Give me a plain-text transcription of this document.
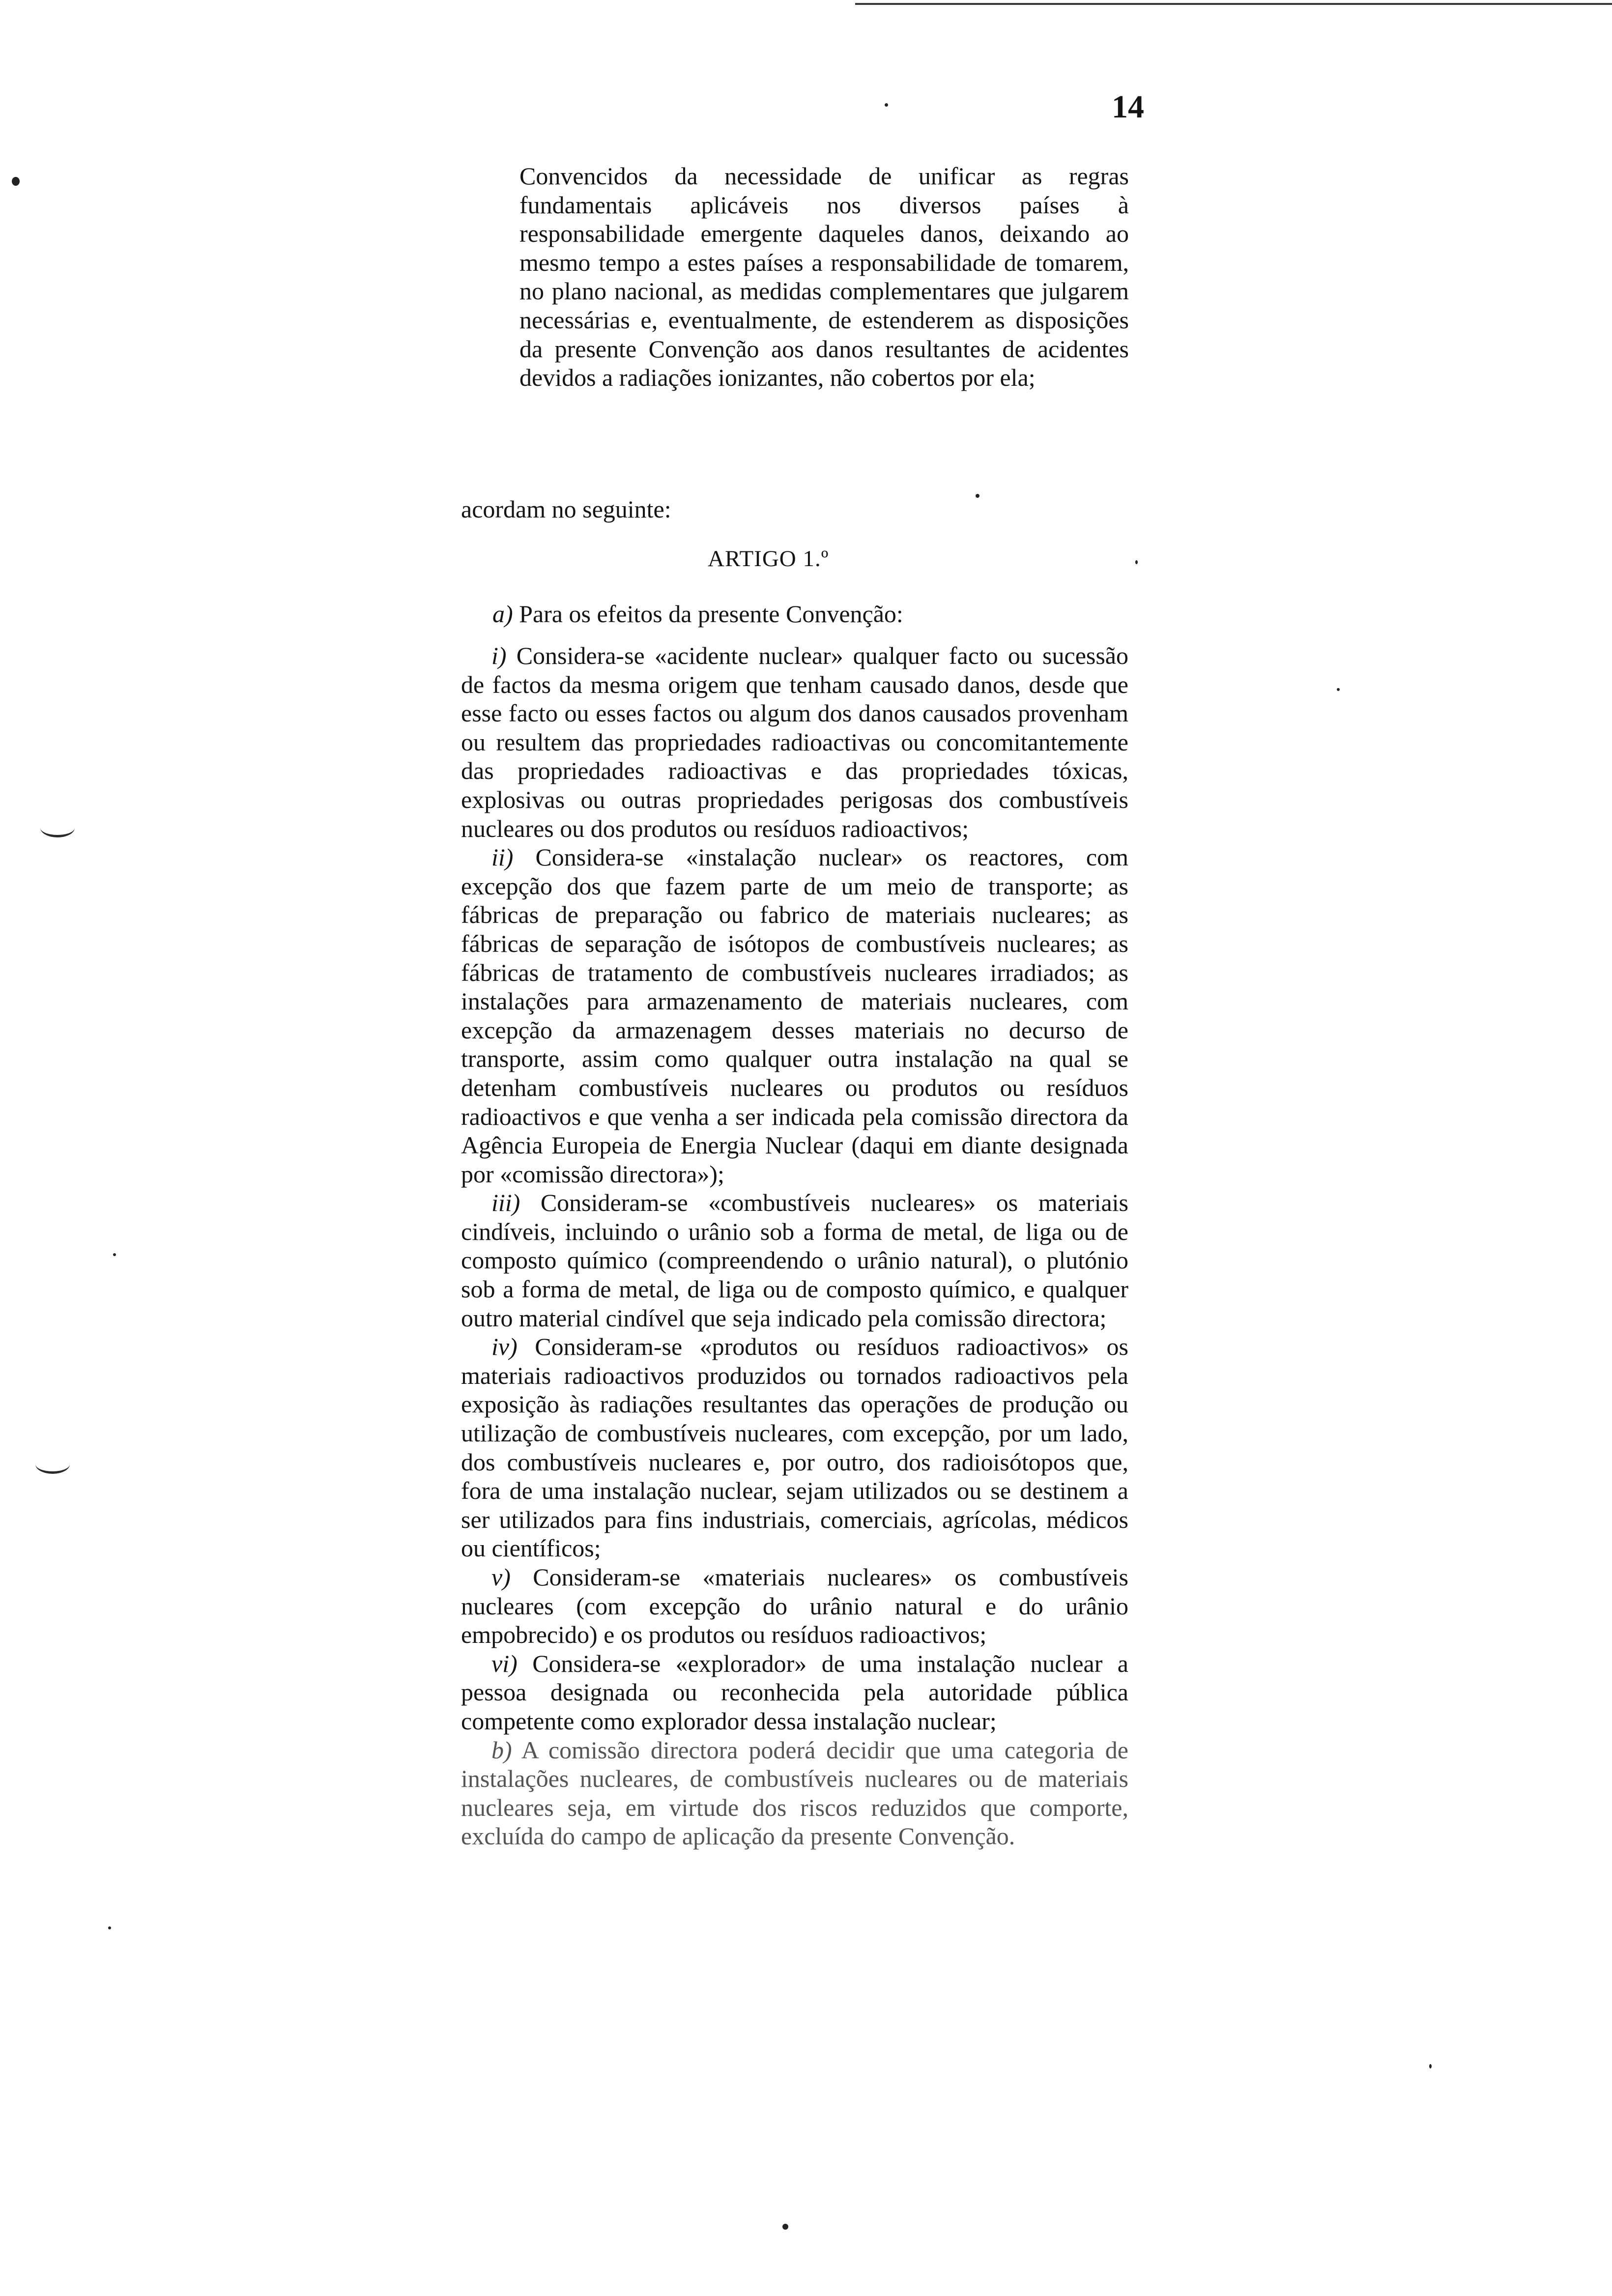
14

Convencidos da necessidade de unificar as regras fundamentais aplicáveis nos diversos países à responsabilidade emergente daqueles danos, deixando ao mesmo tempo a estes países a responsabilidade de tomarem, no plano nacional, as medidas complementares que julgarem necessárias e, eventualmente, de estenderem as disposições da presente Convenção aos danos resultantes de acidentes devidos a radiações ionizantes, não cobertos por ela;

acordam no seguinte:
ARTIGO 1.º
a) Para os efeitos da presente Convenção:

i) Considera-se «acidente nuclear» qualquer facto ou sucessão de factos da mesma origem que tenham causado danos, desde que esse facto ou esses factos ou algum dos danos causados provenham ou resultem das propriedades radioactivas ou concomitantemente das propriedades radioactivas e das propriedades tóxicas, explosivas ou outras propriedades perigosas dos combustíveis nucleares ou dos produtos ou resíduos radioactivos;

ii) Considera-se «instalação nuclear» os reactores, com excepção dos que fazem parte de um meio de transporte; as fábricas de preparação ou fabrico de materiais nucleares; as fábricas de separação de isótopos de combustíveis nucleares; as fábricas de tratamento de combustíveis nucleares irradiados; as instalações para armazenamento de materiais nucleares, com excepção da armazenagem desses materiais no decurso de transporte, assim como qualquer outra instalação na qual se detenham combustíveis nucleares ou produtos ou resíduos radioactivos e que venha a ser indicada pela comissão directora da Agência Europeia de Energia Nuclear (daqui em diante designada por «comissão directora»);

iii) Consideram-se «combustíveis nucleares» os materiais cindíveis, incluindo o urânio sob a forma de metal, de liga ou de composto químico (compreendendo o urânio natural), o plutónio sob a forma de metal, de liga ou de composto químico, e qualquer outro material cindível que seja indicado pela comissão directora;

iv) Consideram-se «produtos ou resíduos radioactivos» os materiais radioactivos produzidos ou tornados radioactivos pela exposição às radiações resultantes das operações de produção ou utilização de combustíveis nucleares, com excepção, por um lado, dos combustíveis nucleares e, por outro, dos radioisótopos que, fora de uma instalação nuclear, sejam utilizados ou se destinem a ser utilizados para fins industriais, comerciais, agrícolas, médicos ou científicos;

v) Consideram-se «materiais nucleares» os combustíveis nucleares (com excepção do urânio natural e do urânio empobrecido) e os produtos ou resíduos radioactivos;

vi) Considera-se «explorador» de uma instalação nuclear a pessoa designada ou reconhecida pela autoridade pública competente como explorador dessa instalação nuclear;

b) A comissão directora poderá decidir que uma categoria de instalações nucleares, de combustíveis nucleares ou de materiais nucleares seja, em virtude dos riscos reduzidos que comporte, excluída do campo de aplicação da presente Convenção.
